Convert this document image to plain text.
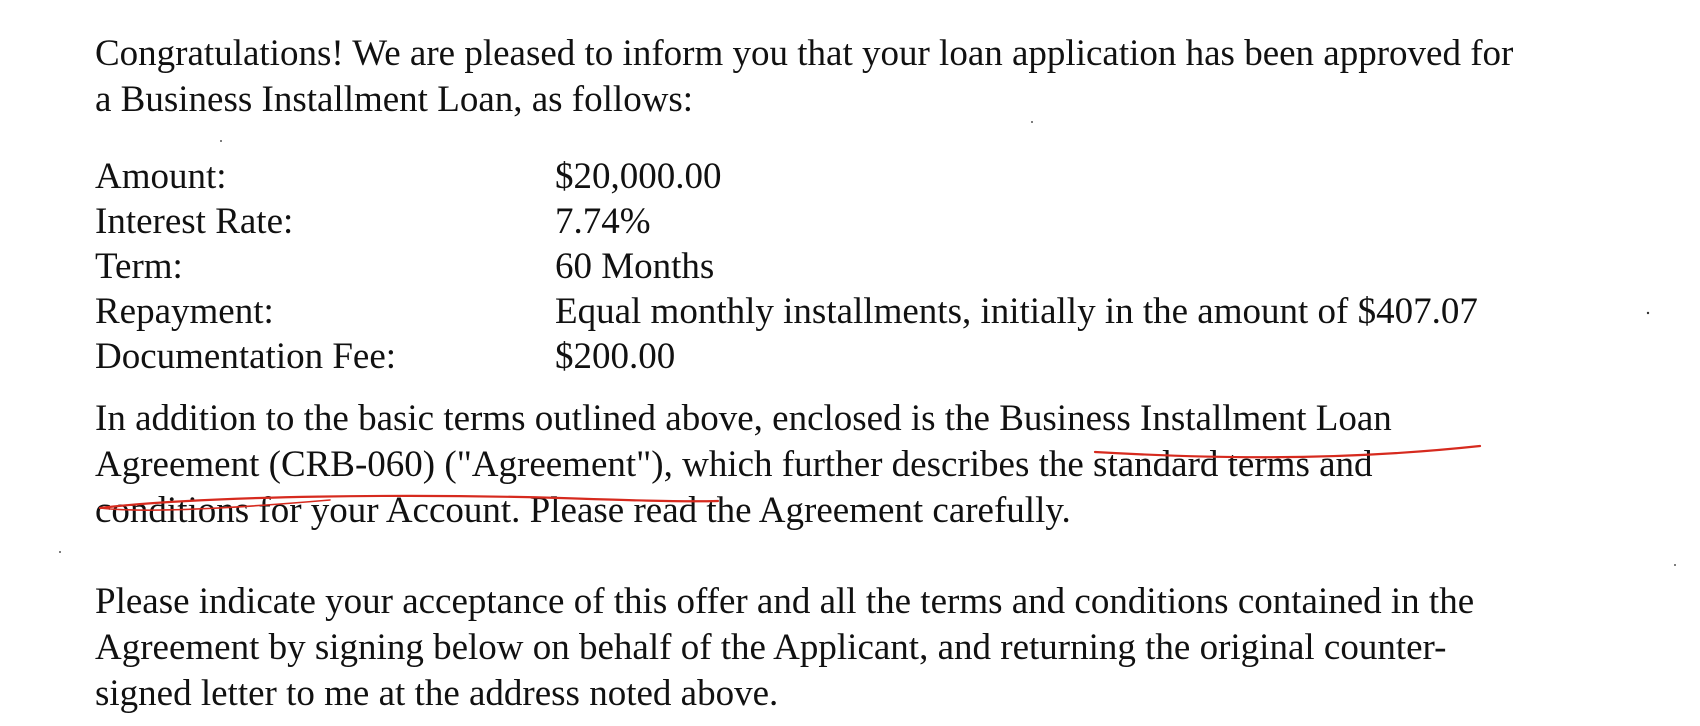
Congratulations! We are pleased to inform you that your loan application has been approved for
a Business Installment Loan, as follows:

Amount:	$20,000.00
Interest Rate:	7.74%
Term:	60 Months
Repayment:	Equal monthly installments, initially in the amount of $407.07
Documentation Fee:	$200.00

In addition to the basic terms outlined above, enclosed is the Business Installment Loan
Agreement (CRB-060) ("Agreement"), which further describes the standard terms and
conditions for your Account. Please read the Agreement carefully.

Please indicate your acceptance of this offer and all the terms and conditions contained in the
Agreement by signing below on behalf of the Applicant, and returning the original counter-
signed letter to me at the address noted above.
